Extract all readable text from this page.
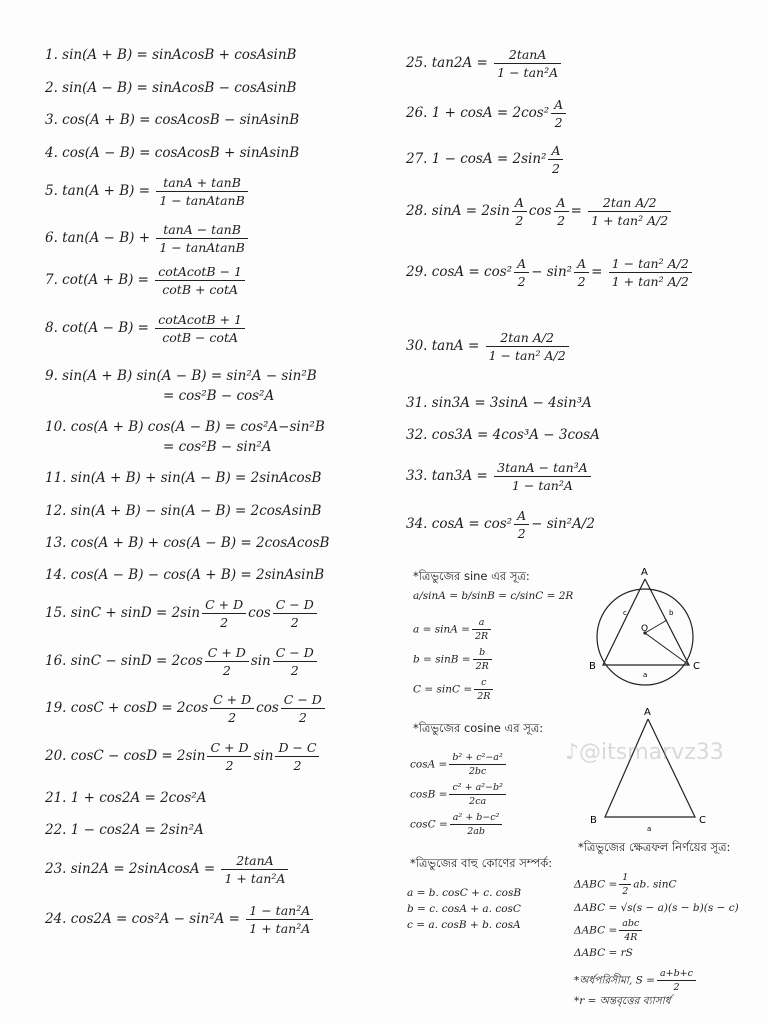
1. sin(A + B) = sinAcosB + cosAsinB
2. sin(A − B) = sinAcosB − cosAsinB
3. cos(A + B) = cosAcosB − sinAsinB
4. cos(A − B) = cosAcosB + sinAsinB
5. $\tan(A + B) = \frac{\tan A + \tan B}{\text{1 − tanAtanB}}$
6. $\tan(A - B) + \frac{\tan A - \tan B}{\text{1 − tanAtanB}}$
7. $\cot(A + B) = \frac{\text{cotAcotB − 1}}{\cot B + \cot A}$
8. $\cot(A - B) = \frac{\text{cotAcotB + 1}}{\cot B - \cot A}$
9. sin(A + B) sin(A − B) = sin²A − sin²B
= cos²B − cos²A
10. cos(A + B) cos(A − B) = cos²A−sin²B
= cos²B − sin²A
11. sin(A + B) + sin(A − B) = 2sinAcosB
12. sin(A + B) − sin(A − B) = 2cosAsinB
13. cos(A + B) + cos(A − B) = 2cosAcosB
14. cos(A − B) − cos(A + B) = 2sinAsinB
15. $\sin C + \sin D = 2\sin \frac{C + D}{2}$ $\cos \frac{C - D}{2}$
16. $\sin C - \sin D = 2\cos \frac{C + D}{2}$ $\sin \frac{C - D}{2}$
19. $\cos C + \cos D = 2\cos \frac{C + D}{2}$ $\cos \frac{C - D}{2}$
20. $\cos C - \cos D = 2\sin \frac{C + D}{2}$ $\sin \frac{D - C}{2}$
21. 1 + cos2A = 2cos²A
22. 1 − cos2A = 2sin²A
23. sin2A = 2sinAcosA = $\frac{2\tan A}{\text{1 + tan²A}}$
24. $\cos 2A = \cos^2A - \sin^2A = \frac{\text{1 − tan²A}}{\text{1 + tan²A}}$
25. $\tan 2A = \frac{2\tan A}{\text{1 − tan²A}}$
26. $1 + \cos A = 2\cos^2 \frac{A}{2}$
27. $1 - \cos A = 2\sin^2 \frac{A}{2}$
28. $\sin A = 2\sin \frac{A}{2}$ $\cos \frac{A}{2} = \frac{\text{2tan A/2}}{\text{1 + tan² A/2}}$
29. $\cos A = \cos^2 \frac{A}{2} - \sin^2 \frac{A}{2} = \frac{\text{1 − tan² A/2}}{\text{1 + tan² A/2}}$
30. $\tan A = \frac{\text{2tan A/2}}{\text{1 − tan² A/2}}$
31. sin3A = 3sinA − 4sin³A
32. cos3A = 4cos³A − 3cosA
33. $\tan 3A = \frac{\text{3tanA − tan³A}}{\text{1 − tan²A}}$
34. $\cos A = \cos^2 \frac{A}{2} - \sin^2A/2$
*ত্রিভুজের sine এর সূত্র:
a/sinA = b/sinB = c/sinC = 2R
$a = \sin A = \frac{a}{2R}$
$b = \sin B = \frac{b}{2R}$
$C = \sin C = \frac{c}{2R}$
*ত্রিভুজের cosine এর সূত্র:
$\cos A = \frac{\text{b² + c²−a²}}{2bc}$
$\cos B = \frac{\text{c² + a²−b²}}{2ca}$
$\cos C = \frac{\text{a² + b−c²}}{2ab}$
*ত্রিভুজের বাহু কোণের সম্পর্ক:
a = b. cosC + c. cosB
b = c. cosA + a. cosC
c = a. cosB + b. cosA
*ত্রিভুজের ক্ষেত্রফল নির্ণয়ের সূত্র:
$\Delta ABC = \frac{1}{2}$ ab. sinC
ΔABC = √s(s − a)(s − b)(s − c)
ΔABC =
abc
4R
ΔABC = rS
*অর্ধপরিসীমা, $S = \frac{a+b+c}{2}$
*r = অন্তবৃত্তের ব্যাসার্ধ
A
B	C
O
a
b
c
A
B	C
a
♪@itsmarvz33
